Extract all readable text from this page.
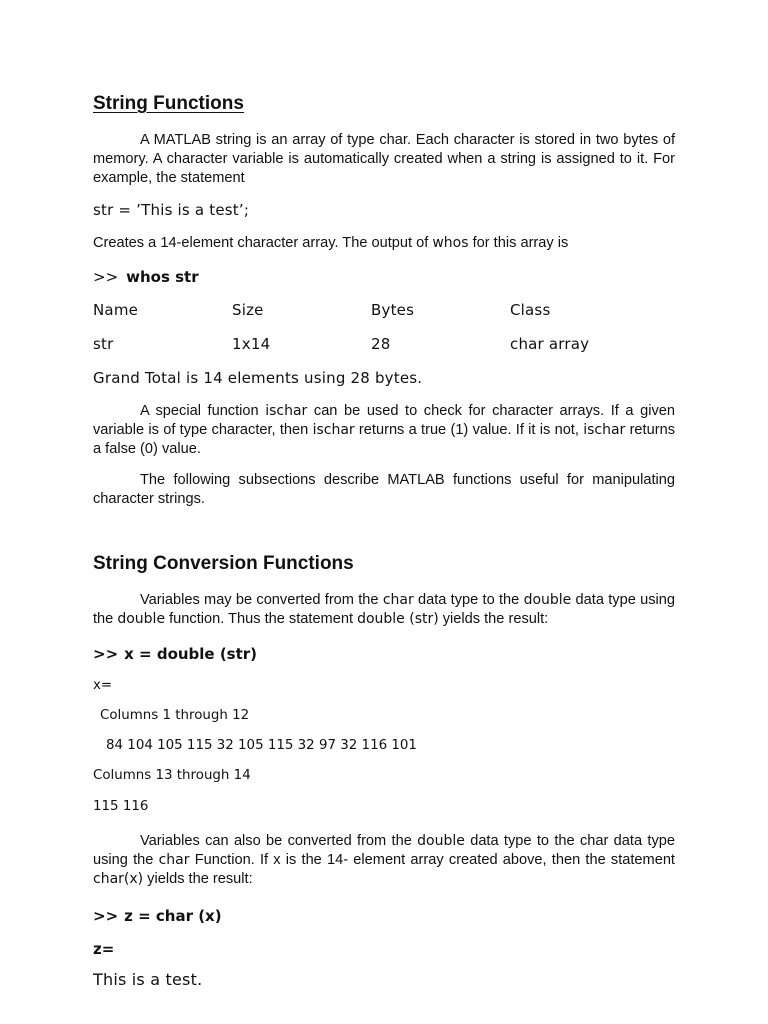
String Functions

A MATLAB string is an array of type char. Each character is stored in two bytes of memory. A character variable is automatically created when a string is assigned to it. For example, the statement

str = ’This is a test’;

Creates a 14-element character array. The output of whos for this array is

>> whos str
Name	Size	Bytes	Class
str	1x14	28	char array
Grand Total is 14 elements using 28 bytes.

A special function ischar can be used to check for character arrays. If a given variable is of type character, then ischar returns a true (1) value. If it is not, ischar returns a false (0) value.

The following subsections describe MATLAB functions useful for manipulating character strings.

String Conversion Functions

Variables may be converted from the char data type to the double data type using the double function. Thus the statement double (str) yields the result:

>> x = double (str)
x=
Columns 1 through 12
84 104 105 115 32 105 115 32 97 32 116 101
Columns 13 through 14
115 116

Variables can also be converted from the double data type to the char data type using the char Function. If x is the 14- element array created above, then the statement char(x) yields the result:

>> z = char (x)
z=
This is a test.
